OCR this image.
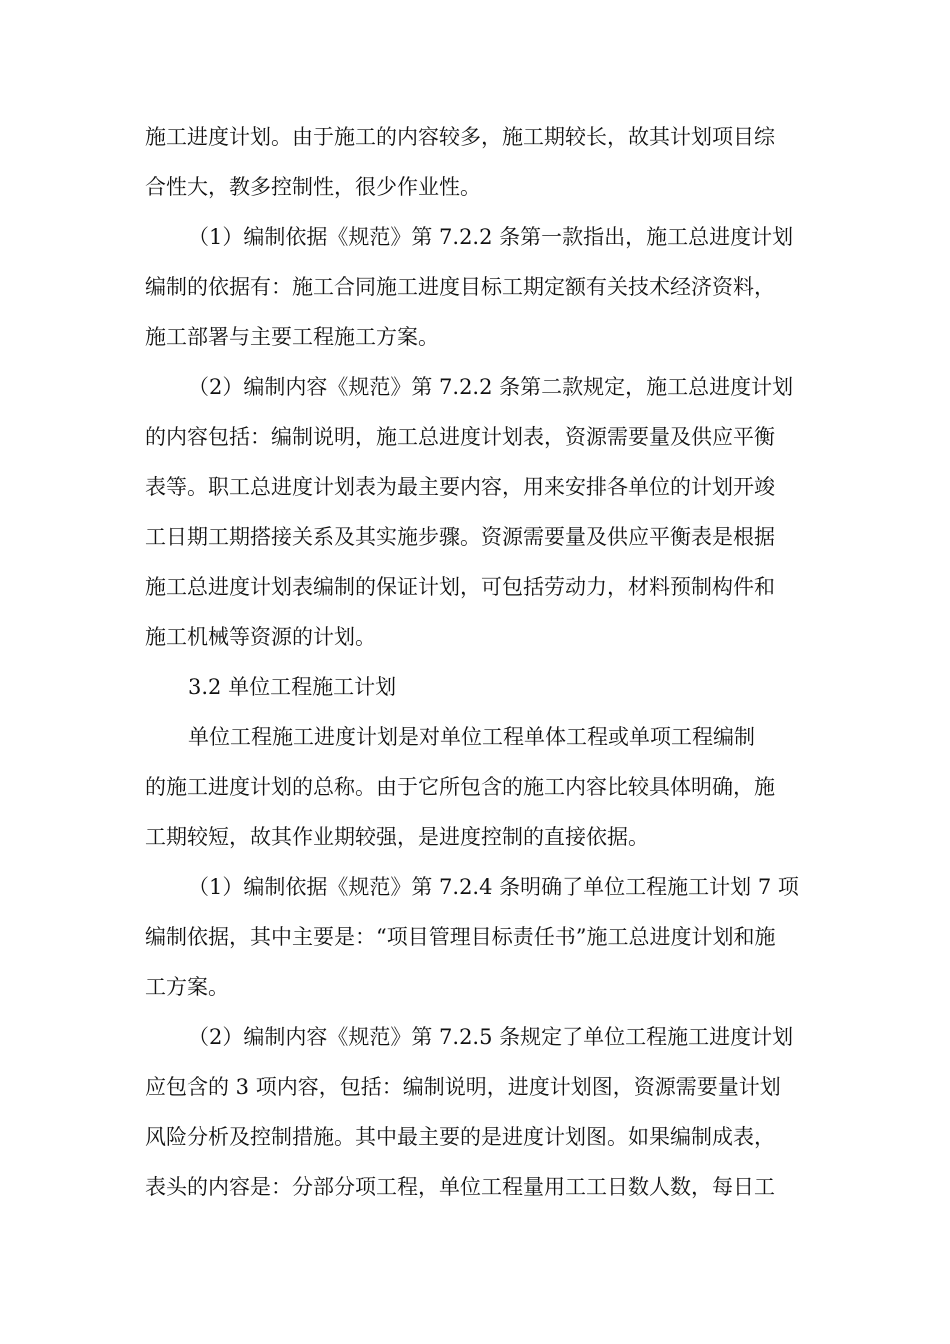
施工进度计划。由于施工的内容较多，施工期较长，故其计划项目综
合性大，教多控制性，很少作业性。
（1）编制依据《规范》第 7.2.2 条第一款指出，施工总进度计划
编制的依据有：施工合同施工进度目标工期定额有关技术经济资料，
施工部署与主要工程施工方案。
（2）编制内容《规范》第 7.2.2 条第二款规定，施工总进度计划
的内容包括：编制说明，施工总进度计划表，资源需要量及供应平衡
表等。职工总进度计划表为最主要内容，用来安排各单位的计划开竣
工日期工期搭接关系及其实施步骤。资源需要量及供应平衡表是根据
施工总进度计划表编制的保证计划，可包括劳动力，材料预制构件和
施工机械等资源的计划。
3.2 单位工程施工计划
单位工程施工进度计划是对单位工程单体工程或单项工程编制
的施工进度计划的总称。由于它所包含的施工内容比较具体明确，施
工期较短，故其作业期较强，是进度控制的直接依据。
（1）编制依据《规范》第 7.2.4 条明确了单位工程施工计划 7 项
编制依据，其中主要是：“项目管理目标责任书”施工总进度计划和施
工方案。
（2）编制内容《规范》第 7.2.5 条规定了单位工程施工进度计划
应包含的 3 项内容，包括：编制说明，进度计划图，资源需要量计划
风险分析及控制措施。其中最主要的是进度计划图。如果编制成表，
表头的内容是：分部分项工程，单位工程量用工工日数人数，每日工
